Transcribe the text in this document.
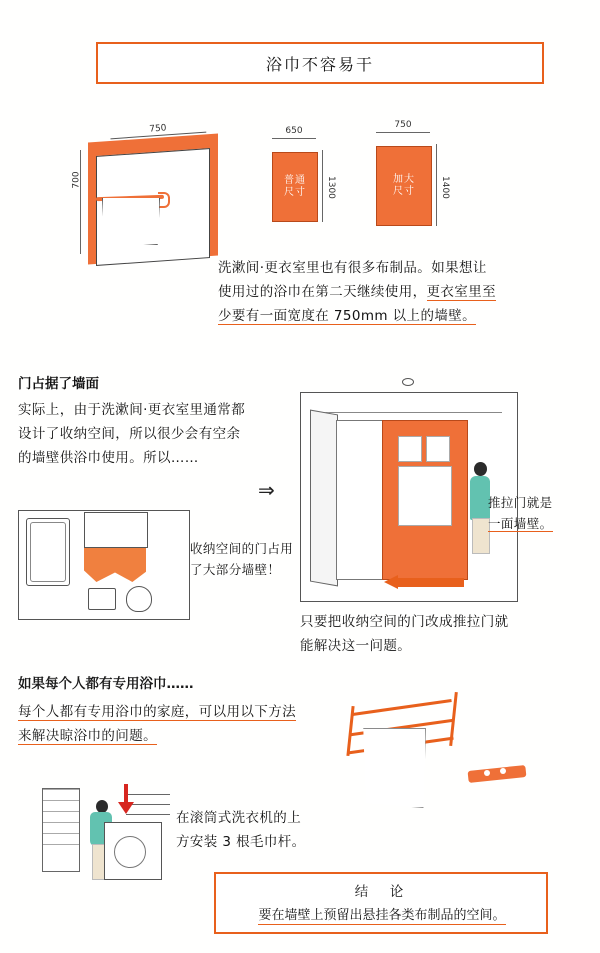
浴巾不容易干
750
700
650
普通
尺寸 1300
750
加大
尺寸	1400
洗漱间·更衣室里也有很多布制品。如果想让
使用过的浴巾在第二天继续使用，更衣室里至
少要有一面宽度在 750mm 以上的墙壁。
门占据了墙面
实际上，由于洗漱间·更衣室里通常都设计了收纳空间，所以很少会有空余的墙壁供浴巾使用。所以……
⇒
收纳空间的门占用了大部分墙壁！
推拉门就是
一面墙壁。
只要把收纳空间的门改成推拉门就
能解决这一问题。
如果每个人都有专用浴巾……
每个人都有专用浴巾的家庭，可以用以下方法
来解决晾浴巾的问题。
在滚筒式洗衣机的上
方安装 3 根毛巾杆。
结　论
要在墙壁上预留出悬挂各类布制品的空间。
